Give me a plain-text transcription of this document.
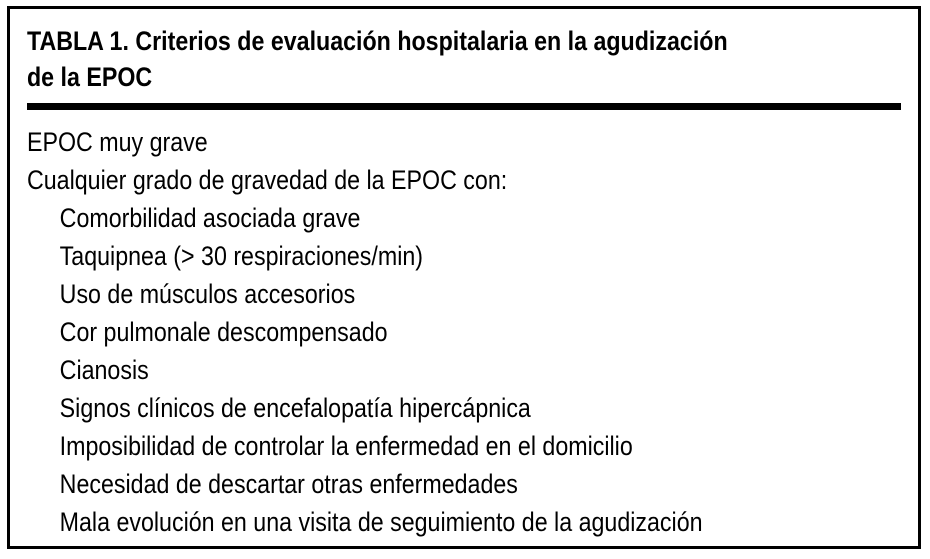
TABLA 1. Criterios de evaluación hospitalaria en la agudización
de la EPOC
EPOC muy grave
Cualquier grado de gravedad de la EPOC con:
Comorbilidad asociada grave
Taquipnea (> 30 respiraciones/min)
Uso de músculos accesorios
Cor pulmonale descompensado
Cianosis
Signos clínicos de encefalopatía hipercápnica
Imposibilidad de controlar la enfermedad en el domicilio
Necesidad de descartar otras enfermedades
Mala evolución en una visita de seguimiento de la agudización
